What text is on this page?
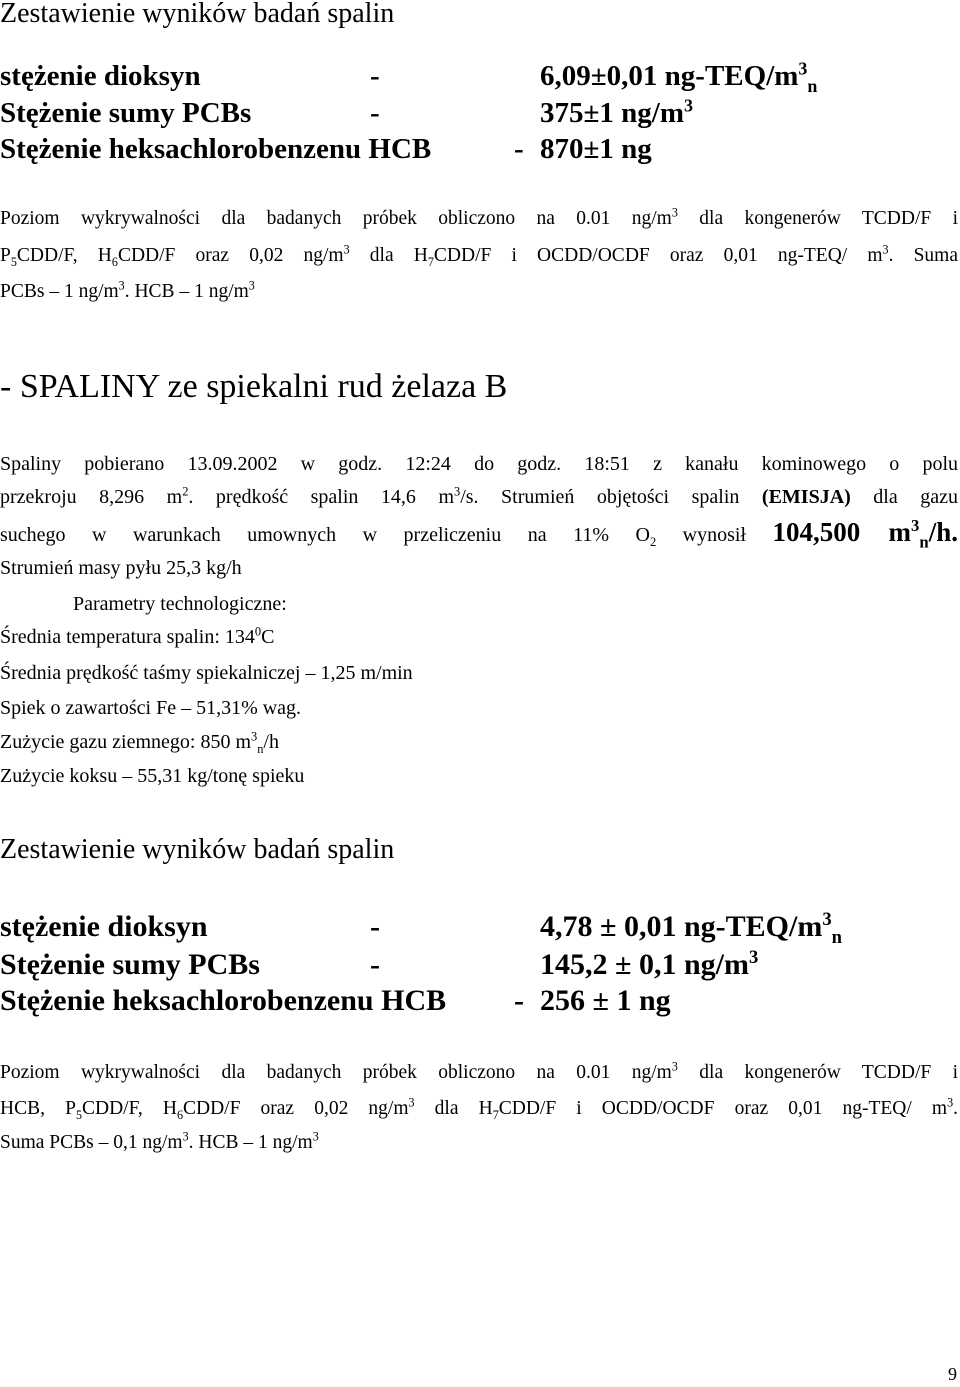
Zestawienie wyników badań spalin
stężenie dioksyn	-	6,09±0,01 $ng-TEQ/m^3_n$
Stężenie sumy PCBs	-	375±1 $ng/m^3$
Stężenie heksachlorobenzenu HCB	- 870±1 ng
Poziom wykrywalności dla badanych próbek obliczono na 0.01 $ng/m^3$ dla kongenerów TCDD/F i
$P_5CDD/F$, $H_6CDD/F$ oraz 0,02 $ng/m^3$ dla $H_7CDD/F$ i OCDD/OCDF oraz 0,01 ng-TEQ/ $m^3$. Suma
PCBs – 1 $ng/m^3$. HCB – 1 $ng/m^3$
- SPALINY ze spiekalni rud żelaza B
Spaliny pobierano 13.09.2002 w godz. 12:24 do godz. 18:51 z kanału kominowego o polu
przekroju 8,296 $m^2$. prędkość spalin 14,6 $m^3/s$. Strumień objętości spalin (EMISJA) dla gazu
suchego w warunkach umownych w przeliczeniu na 11% $O_2$ wynosił 104,500 $m^3_n/h$.
Strumień masy pyłu 25,3 kg/h
Parametry technologiczne:
Średnia temperatura spalin: $134^0C$
Średnia prędkość taśmy spiekalniczej – 1,25 m/min
Spiek o zawartości Fe – 51,31% wag.
Zużycie gazu ziemnego: 850 $m^3_n/h$
Zużycie koksu – 55,31 kg/tonę spieku
Zestawienie wyników badań spalin
stężenie dioksyn	-	4,78 ± 0,01 $ng-TEQ/m^3_n$
Stężenie sumy PCBs	-	145,2 ± 0,1 $ng/m^3$
Stężenie heksachlorobenzenu HCB - 256 ± 1 ng
Poziom wykrywalności dla badanych próbek obliczono na 0.01 $ng/m^3$ dla kongenerów TCDD/F i
HCB, $P_5CDD/F$, $H_6CDD/F$ oraz 0,02 $ng/m^3$ dla $H_7CDD/F$ i OCDD/OCDF oraz 0,01 ng-TEQ/ $m^3$.
Suma PCBs – 0,1 $ng/m^3$. HCB – 1 $ng/m^3$
9
